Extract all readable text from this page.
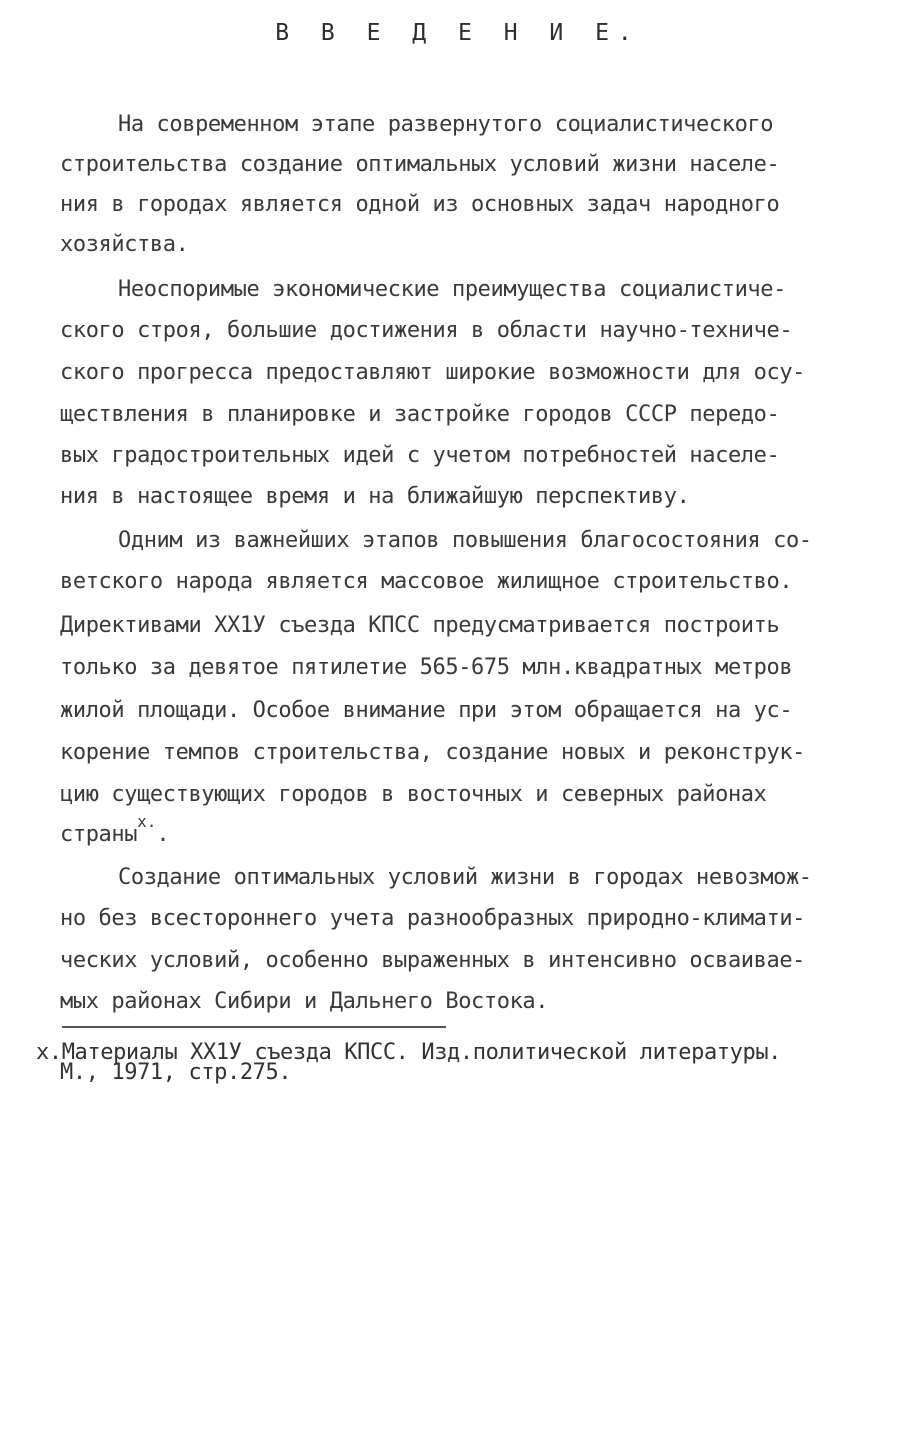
В В Е Д Е Н И Е.
На современном этапе развернутого социалистического
строительства создание оптимальных условий жизни населе-
ния в городах является одной из основных задач народного
хозяйства.
Неоспоримые экономические преимущества социалистиче-
ского строя, большие достижения в области научно-техниче-
ского прогресса предоставляют широкие возможности для осу-
ществления в планировке и застройке городов СССР передо-
вых градостроительных идей с учетом потребностей населе-
ния в настоящее время и на ближайшую перспективу.
Одним из важнейших этапов повышения благосостояния со-
ветского народа является массовое жилищное строительство.
Директивами ХХ1У съезда КПСС предусматривается построить
только за девятое пятилетие 565-675 млн.квадратных метров
жилой площади. Особое внимание при этом обращается на ус-
корение темпов строительства, создание новых и реконструк-
цию существующих городов в восточных и северных районах
страны$^{х.}$.
Создание оптимальных условий жизни в городах невозмож-
но без всестороннего учета разнообразных природно-климати-
ческих условий, особенно выраженных в интенсивно осваивае-
мых районах Сибири и Дальнего Востока.
х.Материалы ХХ1У съезда КПСС. Изд.политической литературы.
М., 1971, стр.275.
